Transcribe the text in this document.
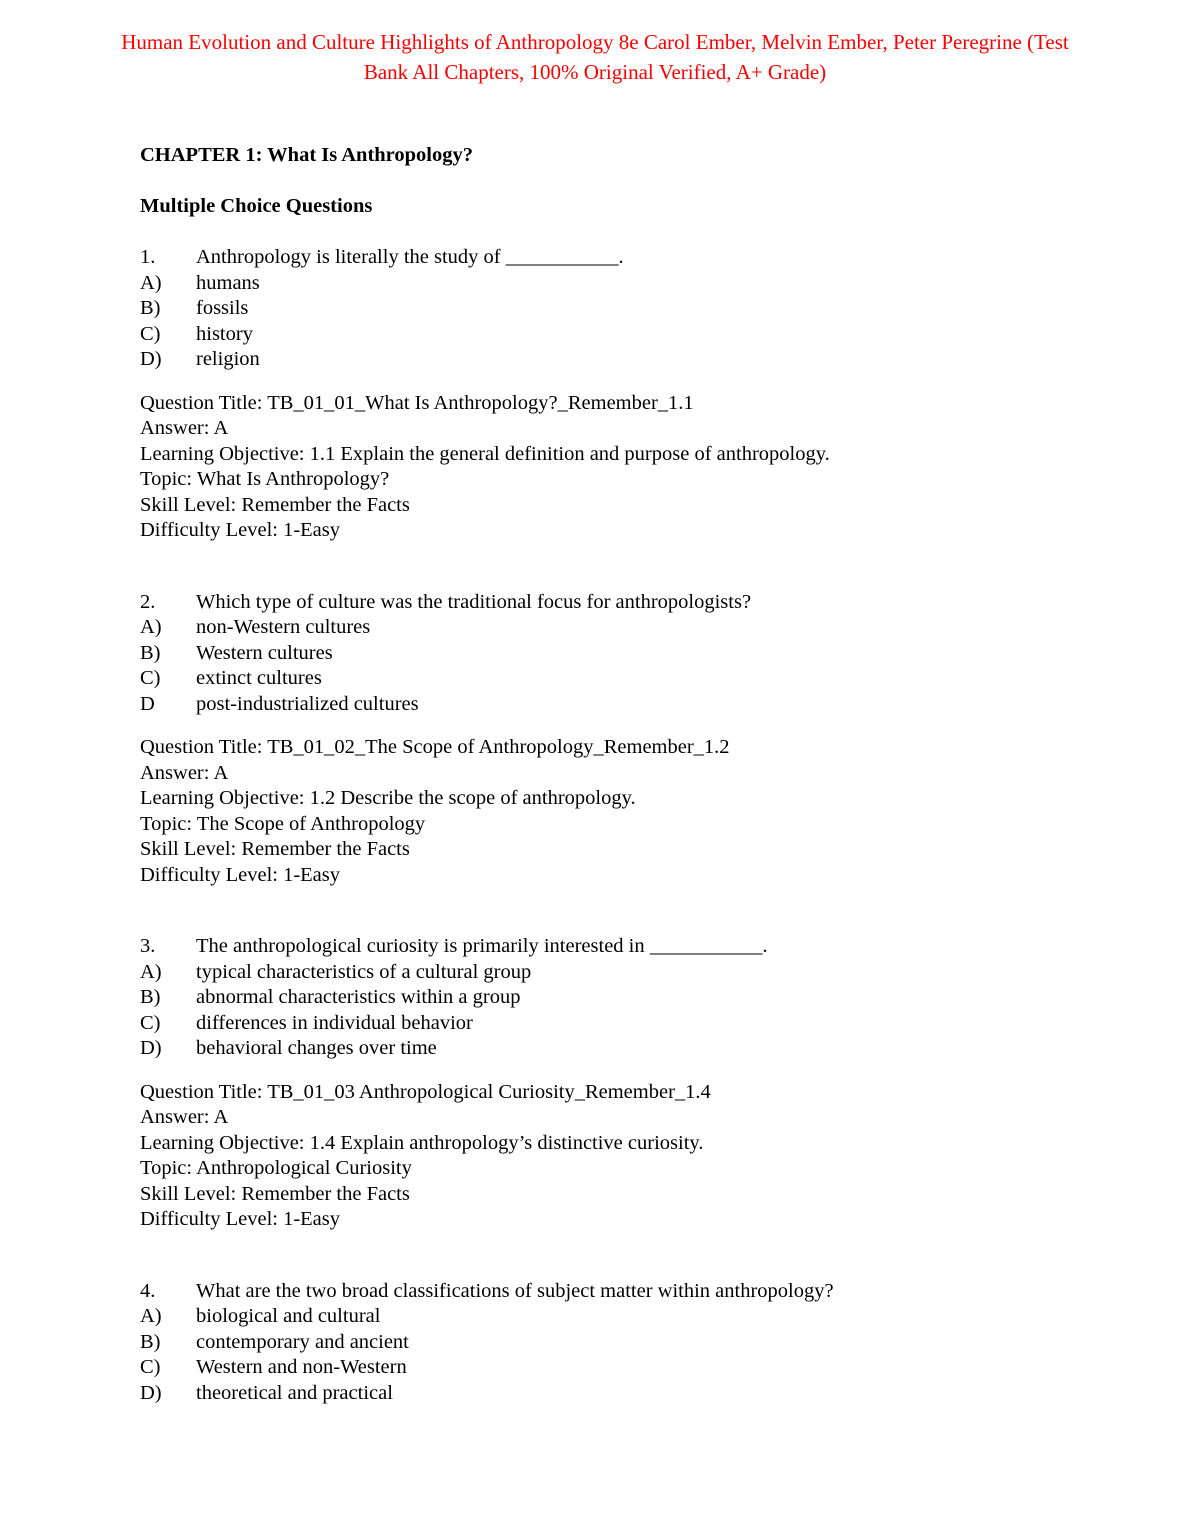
Human Evolution and Culture Highlights of Anthropology 8e Carol Ember, Melvin Ember, Peter Peregrine (Test Bank All Chapters, 100% Original Verified, A+ Grade)
CHAPTER 1: What Is Anthropology?
Multiple Choice Questions
1.	Anthropology is literally the study of ___________.
A)	humans
B)	fossils
C)	history
D)	religion
Question Title: TB_01_01_What Is Anthropology?_Remember_1.1
Answer: A
Learning Objective: 1.1 Explain the general definition and purpose of anthropology.
Topic: What Is Anthropology?
Skill Level: Remember the Facts
Difficulty Level: 1-Easy
2.	Which type of culture was the traditional focus for anthropologists?
A)	non-Western cultures
B)	Western cultures
C)	extinct cultures
D	post-industrialized cultures
Question Title: TB_01_02_The Scope of Anthropology_Remember_1.2
Answer: A
Learning Objective: 1.2 Describe the scope of anthropology.
Topic: The Scope of Anthropology
Skill Level: Remember the Facts
Difficulty Level: 1-Easy
3.	The anthropological curiosity is primarily interested in ___________.
A)	typical characteristics of a cultural group
B)	abnormal characteristics within a group
C)	differences in individual behavior
D)	behavioral changes over time
Question Title: TB_01_03 Anthropological Curiosity_Remember_1.4
Answer: A
Learning Objective: 1.4 Explain anthropology’s distinctive curiosity.
Topic: Anthropological Curiosity
Skill Level: Remember the Facts
Difficulty Level: 1-Easy
4.	What are the two broad classifications of subject matter within anthropology?
A)	biological and cultural
B)	contemporary and ancient
C)	Western and non-Western
D)	theoretical and practical
